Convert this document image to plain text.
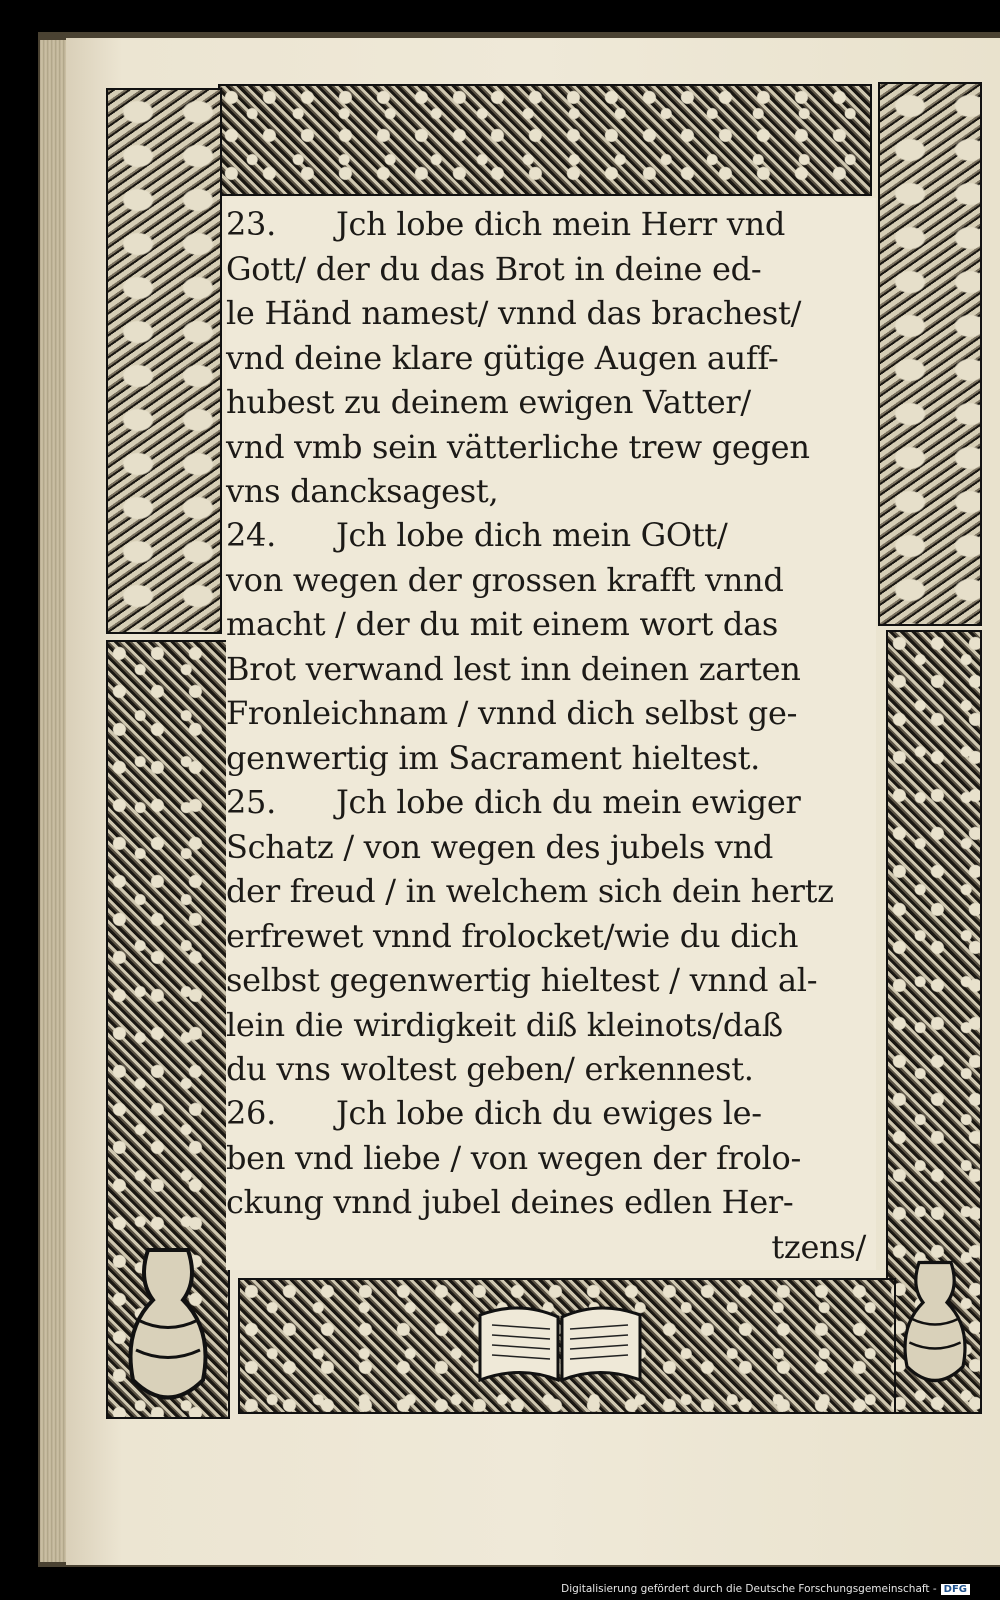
23. Jch lobe dich mein Herr vnd
Gott/ der du das Brot in deine ed-
le Händ namest/ vnnd das brachest/
vnd deine klare gütige Augen auff-
hubest zu deinem ewigen Vatter/
vnd vmb sein vätterliche trew gegen
vns dancksagest,
24. Jch lobe dich mein GOtt/
von wegen der grossen krafft vnnd
macht / der du mit einem wort das
Brot verwand lest inn deinen zarten
Fronleichnam / vnnd dich selbst ge-
genwertig im Sacrament hieltest.
25. Jch lobe dich du mein ewiger
Schatz / von wegen des jubels vnd
der freud / in welchem sich dein hertz
erfrewet vnnd frolocket/wie du dich
selbst gegenwertig hieltest / vnnd al-
lein die wirdigkeit diß kleinots/daß
du vns woltest geben/ erkennest.
26. Jch lobe dich du ewiges le-
ben vnd liebe / von wegen der frolo-
ckung vnnd jubel deines edlen Her-
tzens/
Digitalisierung gefördert durch die Deutsche Forschungsgemeinschaft - DFG
